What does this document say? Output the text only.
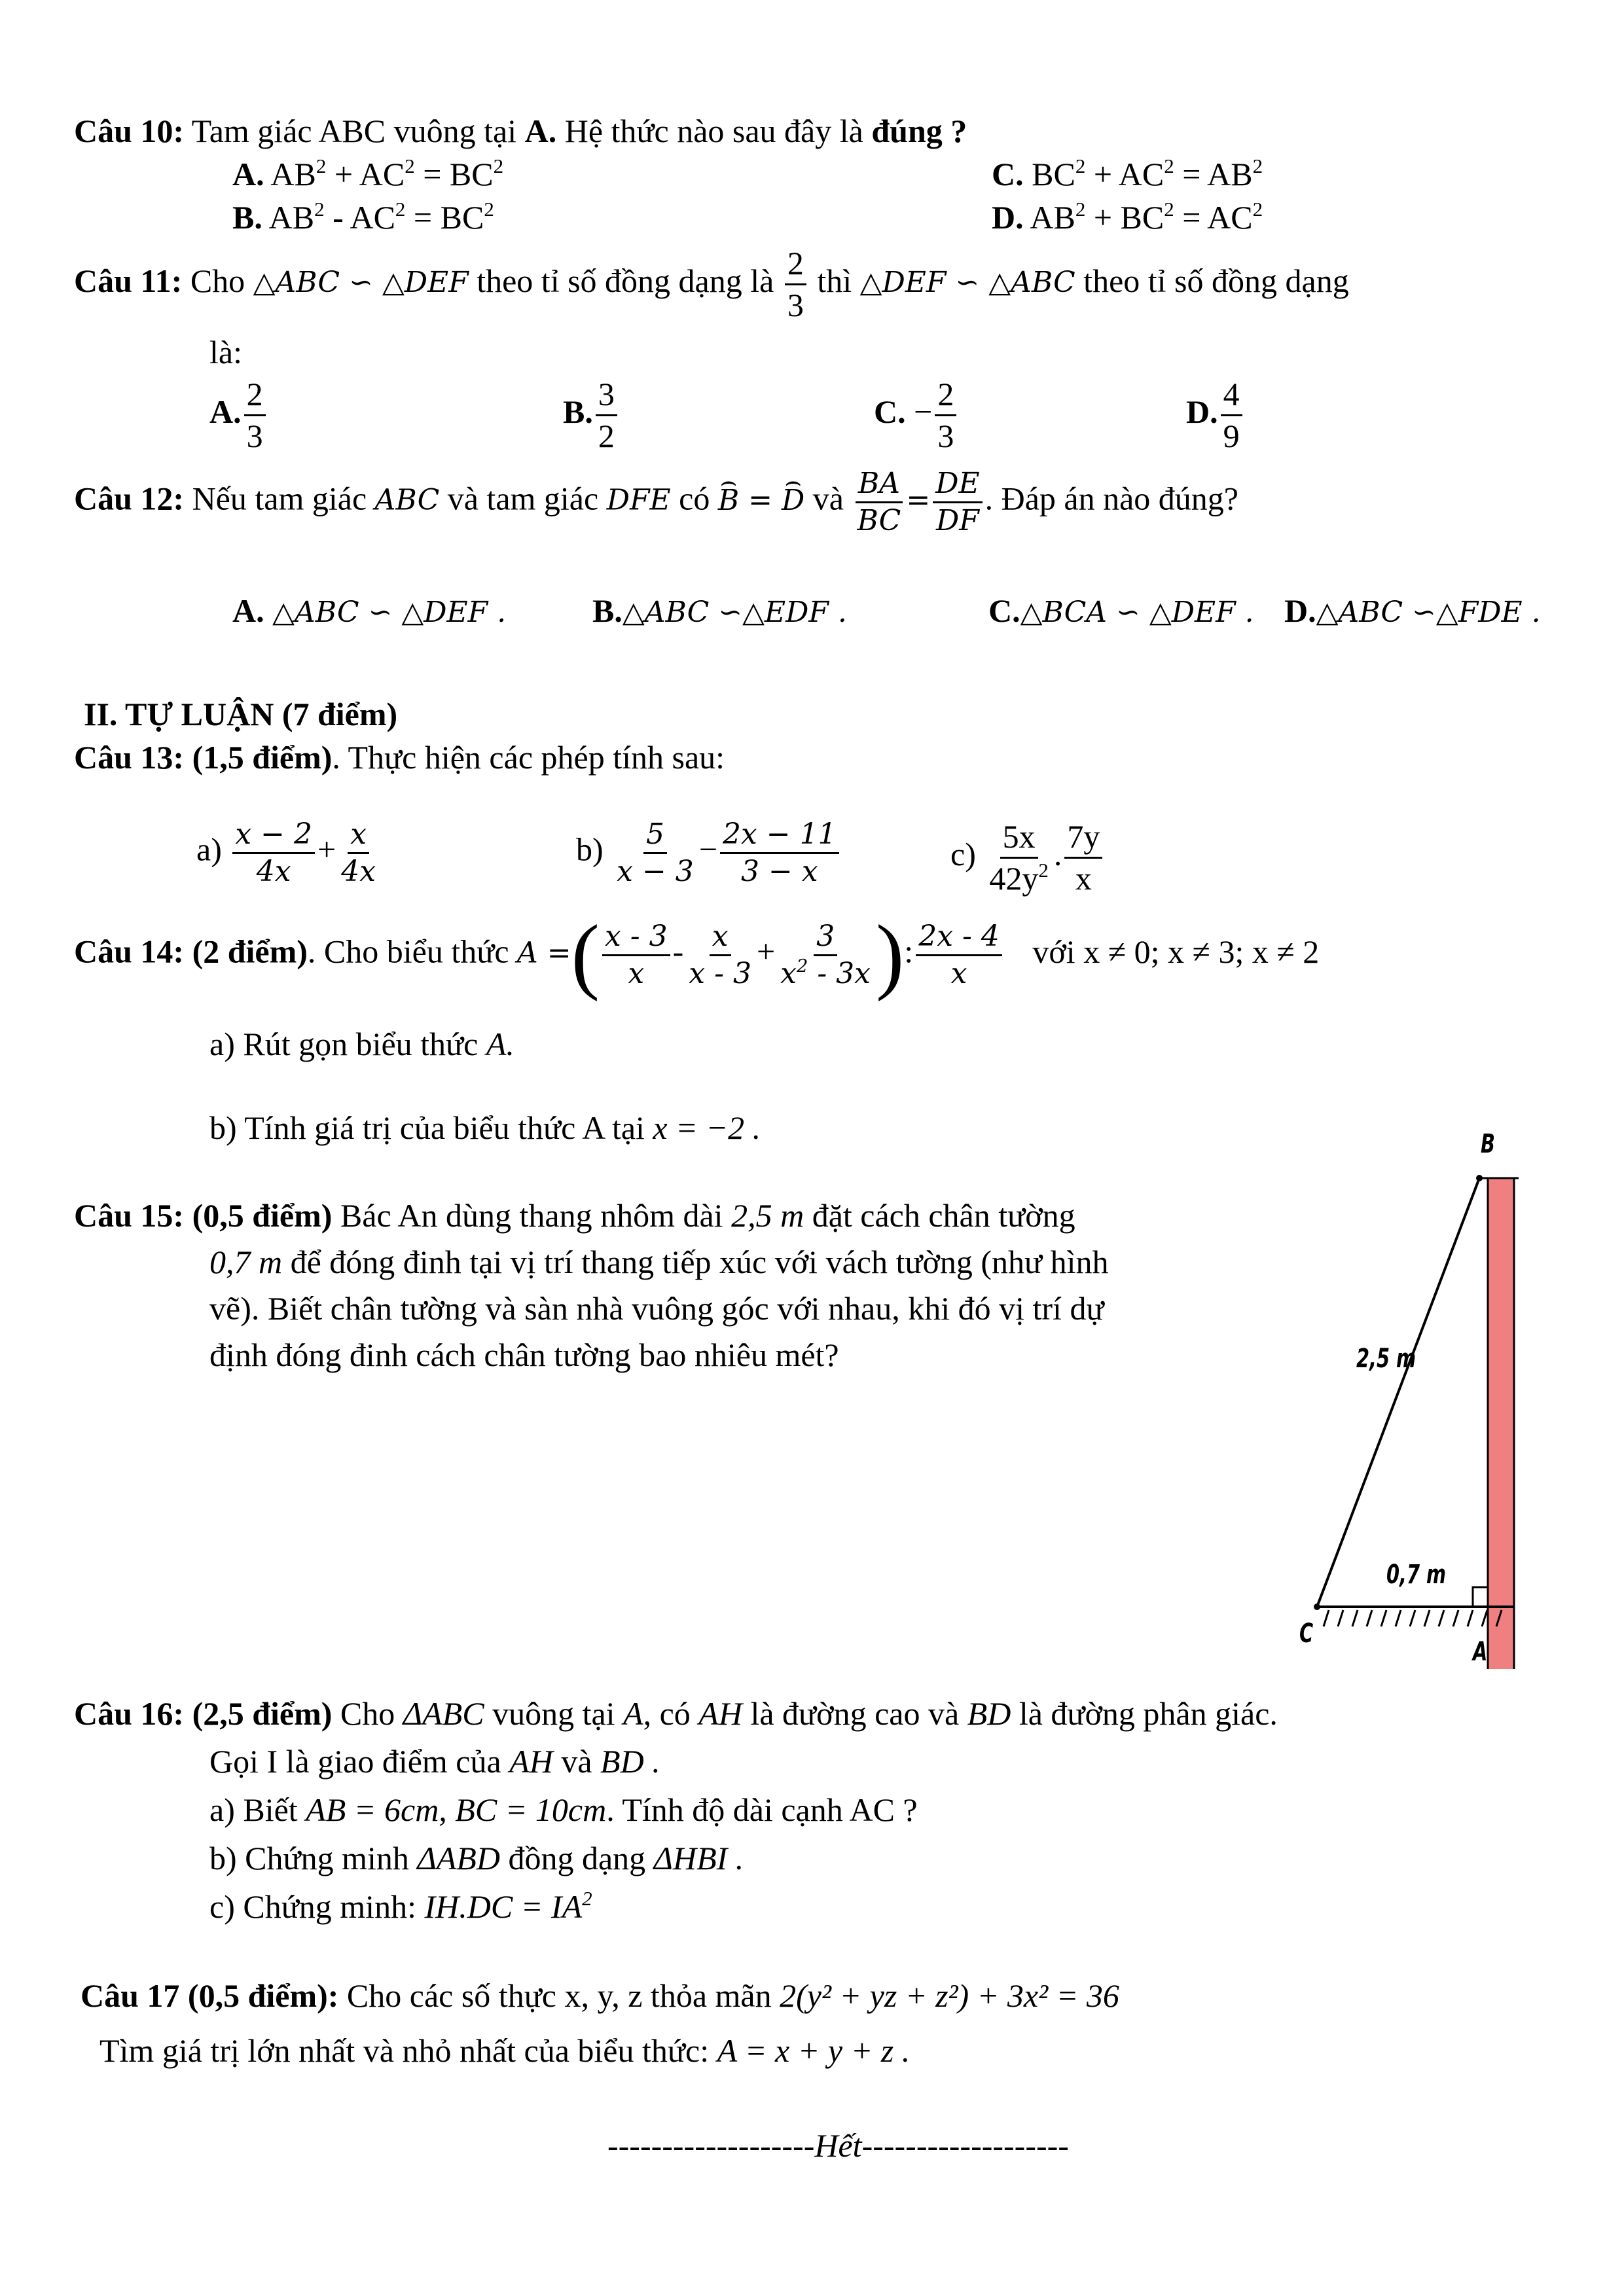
Câu 10: Tam giác ABC vuông tại A. Hệ thức nào sau đây là đúng ?
A. $AB^2 + AC^2 = BC^2$	C. $BC^2 + AC^2 = AB^2$
B. $AB^2 - AC^2 = BC^2$	D. $AB^2 + BC^2 = AC^2$
Câu 11: Cho △ABC ∽ △DEF theo tỉ số đồng dạng là $\frac{2}{3}$ thì △DEF ∽ △ABC theo tỉ số đồng dạng
là:
A. $\frac{2}{3}$	B. $\frac{3}{2}$	C. − $\frac{2}{3}$	D. $\frac{4}{9}$
Câu 12: Nếu tam giác ABC và tam giác DFE có ⌢ B = ⌢ D và $\frac{BA}{BC} = \frac{DE}{DF}$ . Đáp án nào đúng?
A. △ABC ∽ △DEF .	B.△ABC ∽△EDF .	C.△BCA ∽ △DEF . D.△ABC ∽△FDE .
II. TỰ LUẬN (7 điểm)
Câu 13: (1,5 điểm). Thực hiện các phép tính sau:
$a) \frac{x - 2}{4x} + \frac{x}{4x}$	$b) \frac{5}{x - 3} - \frac{2x - 11}{3 - x}$	$c) \frac{5x}{42y^2}$ . $\frac{7y}{x}$
Câu 14: (2 điểm). Cho biểu thức A =( $\frac{x - 3}{x} - \frac{x}{x - 3} + \frac{3}{x^2 - 3x}$ ): $\frac{2x - 4}{x}$ với x ≠ 0; x ≠ 3; x ≠ 2
a) Rút gọn biểu thức A.
b) Tính giá trị của biểu thức A tại x = −2 .
Câu 15: (0,5 điểm) Bác An dùng thang nhôm dài 2,5 m đặt cách chân tường
0,7 m để đóng đinh tại vị trí thang tiếp xúc với vách tường (như hình
vẽ). Biết chân tường và sàn nhà vuông góc với nhau, khi đó vị trí dự
định đóng đinh cách chân tường bao nhiêu mét?
B
2,5 m
0,7 m
C
A
Câu 16: (2,5 điểm) Cho ΔABC vuông tại A, có AH là đường cao và BD là đường phân giác.
Gọi I là giao điểm của AH và BD .
a) Biết AB = 6cm, BC = 10cm. Tính độ dài cạnh AC ?
b) Chứng minh ΔABD đồng dạng ΔHBI .
c) Chứng minh: $IH.DC = IA^2$
Câu 17 (0,5 điểm): Cho các số thực x, y, z thỏa mãn 2(y² + yz + z²) + 3x² = 36
Tìm giá trị lớn nhất và nhỏ nhất của biểu thức: A = x + y + z .
-------------------Hết-------------------
